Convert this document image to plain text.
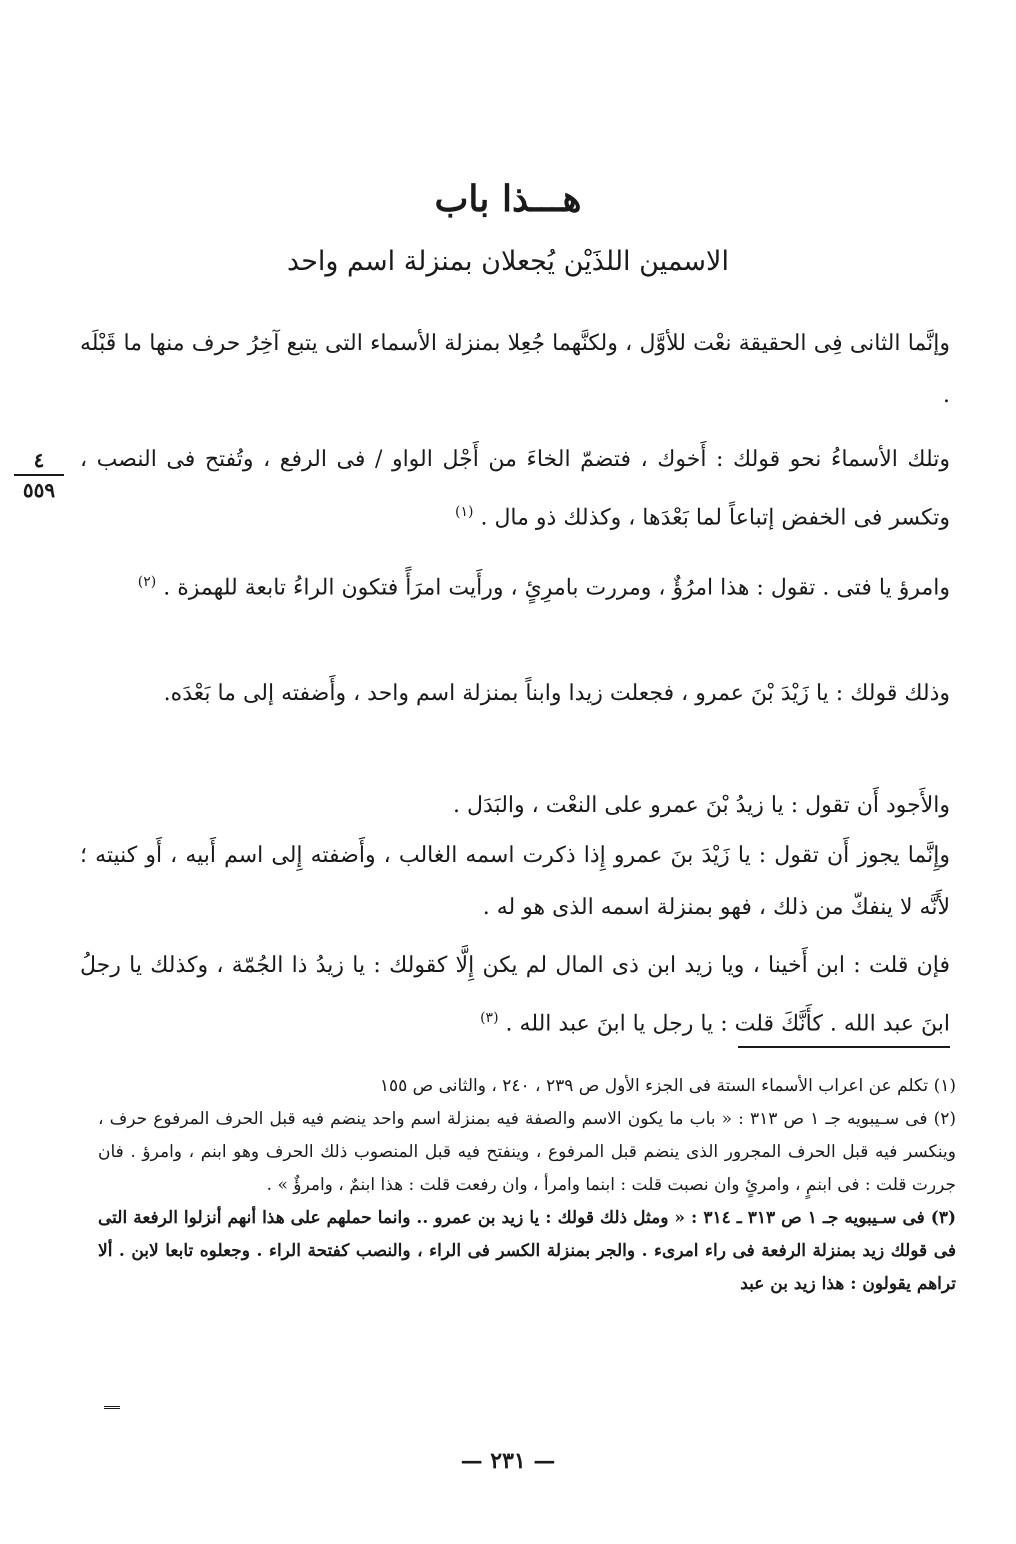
هـــذا باب
الاسمين اللذَيْن يُجعلان بمنزلة اسم واحد
٤
٥٥٩
وإنَّما الثانى فِى الحقيقة نعْت للأوَّل ، ولكنَّهما جُعِلا بمنزلة الأسماء التى يتبع آخِرُ حرف منها ما قَبْلَه .
وتلك الأسماءُ نحو قولك : أَخوك ، فتضمّ الخاءَ من أَجْل الواو / فى الرفع ، وتُفتح فى النصب ، وتكسر فى الخفض إتباعاً لما بَعْدَها ، وكذلك ذو مال . $^{(١)}$
وامرؤ يا فتى . تقول : هذا امرُؤٌ ، ومررت بامرِئٍ ، ورأَيت امرَأً فتكون الراءُ تابعة للهمزة . $^{(٢)}$
وذلك قولك : يا زَيْدَ بْنَ عمرو ، فجعلت زيدا وابناً بمنزلة اسم واحد ، وأَضفته إلى ما بَعْدَه.
والأَجود أَن تقول : يا زيدُ بْنَ عمرو على النعْت ، والبَدَل .
وإِنَّما يجوز أَن تقول : يا زَيْدَ بنَ عمرو إِذا ذكرت اسمه الغالب ، وأَضفته إِلى اسم أَبيه ، أَو كنيته ؛ لأَنَّه لا ينفكّ من ذلك ، فهو بمنزلة اسمه الذى هو له .
فإن قلت : ابن أَخينا ، ويا زيد ابن ذى المال لم يكن إِلَّا كقولك : يا زيدُ ذا الجُمّة ، وكذلك يا رجلُ ابنَ عبد الله . كأَنَّكَ قلت : يا رجل يا ابنَ عبد الله . $^{(٣)}$

(١) تكلم عن اعراب الأسماء الستة فى الجزء الأول ص ٢٣٩ ، ٢٤٠ ، والثانى ص ١٥٥

(٢) فى سـيبويه جـ ١ ص ٣١٣ : « باب ما يكون الاسم والصفة فيه بمنزلة اسم واحد ينضم فيه قبل الحرف المرفوع حرف ، وينكسر فيه قبل الحرف المجرور الذى ينضم قبل المرفوع ، وينفتح فيه قبل المنصوب ذلك الحرف وهو ابنم ، وامرؤ . فان جررت قلت : فى ابنمٍ ، وامرئٍ وان نصبت قلت : ابنما وامرأ ، وان رفعت قلت : هذا ابنمٌ ، وامرؤٌ » .

(٣) فى سـيبويه جـ ١ ص ٣١٣ ـ ٣١٤ : « ومثل ذلك قولك : يا زيد بن عمرو .. وانما حملهم على هذا أنهم أنزلوا الرفعة التى فى قولك زيد بمنزلة الرفعة فى راء امرىء . والجر بمنزلة الكسر فى الراء ، والنصب كفتحة الراء . وجعلوه تابعا لابن . ألا تراهم يقولون : هذا زيد بن عبد

— ٢٣١ —
